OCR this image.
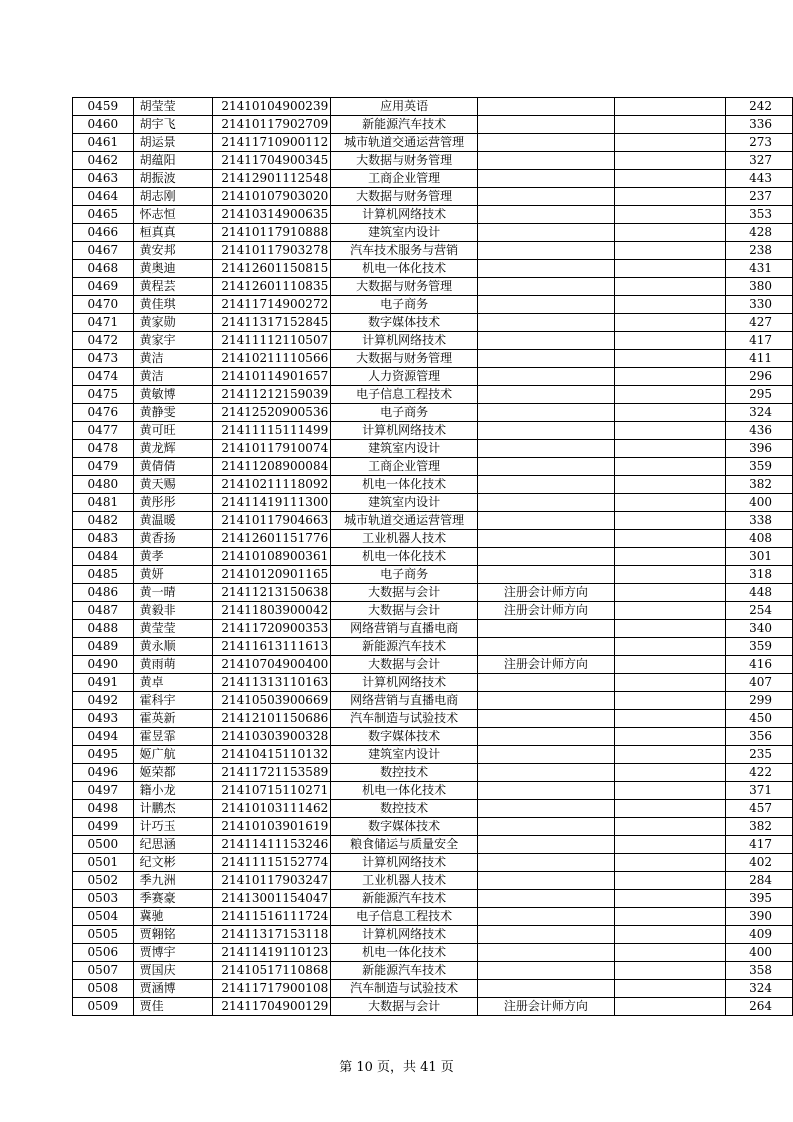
0459	胡莹莹	21410104900239	应用英语			242
0460	胡宇飞	21410117902709	新能源汽车技术			336
0461	胡运景	21411710900112	城市轨道交通运营管理			273
0462	胡蕴阳	21411704900345	大数据与财务管理			327
0463	胡振波	21412901112548	工商企业管理			443
0464	胡志刚	21410107903020	大数据与财务管理			237
0465	怀志恒	21410314900635	计算机网络技术			353
0466	桓真真	21410117910888	建筑室内设计			428
0467	黄安邦	21410117903278	汽车技术服务与营销			238
0468	黄奥迪	21412601150815	机电一体化技术			431
0469	黄程芸	21412601110835	大数据与财务管理			380
0470	黄佳琪	21411714900272	电子商务			330
0471	黄家勋	21411317152845	数字媒体技术			427
0472	黄家宇	21411112110507	计算机网络技术			417
0473	黄洁	21410211110566	大数据与财务管理			411
0474	黄洁	21410114901657	人力资源管理			296
0475	黄敏博	21411212159039	电子信息工程技术			295
0476	黄静雯	21412520900536	电子商务			324
0477	黄可旺	21411115111499	计算机网络技术			436
0478	黄龙辉	21410117910074	建筑室内设计			396
0479	黄倩倩	21411208900084	工商企业管理			359
0480	黄天赐	21410211118092	机电一体化技术			382
0481	黄彤彤	21411419111300	建筑室内设计			400
0482	黄温暖	21410117904663	城市轨道交通运营管理			338
0483	黄香扬	21412601151776	工业机器人技术			408
0484	黄孝	21410108900361	机电一体化技术			301
0485	黄妍	21410120901165	电子商务			318
0486	黄一晴	21411213150638	大数据与会计	注册会计师方向		448
0487	黄毅非	21411803900042	大数据与会计	注册会计师方向		254
0488	黄莹莹	21411720900353	网络营销与直播电商			340
0489	黄永顺	21411613111613	新能源汽车技术			359
0490	黄雨萌	21410704900400	大数据与会计	注册会计师方向		416
0491	黄卓	21411313110163	计算机网络技术			407
0492	霍科宇	21410503900669	网络营销与直播电商			299
0493	霍英新	21412101150686	汽车制造与试验技术			450
0494	霍昱霏	21410303900328	数字媒体技术			356
0495	姬广航	21410415110132	建筑室内设计			235
0496	姬荣都	21411721153589	数控技术			422
0497	籍小龙	21410715110271	机电一体化技术			371
0498	计鹏杰	21410103111462	数控技术			457
0499	计巧玉	21410103901619	数字媒体技术			382
0500	纪思涵	21411411153246	粮食储运与质量安全			417
0501	纪文彬	21411115152774	计算机网络技术			402
0502	季九洲	21410117903247	工业机器人技术			284
0503	季赛豪	21413001154047	新能源汽车技术			395
0504	冀驰	21411516111724	电子信息工程技术			390
0505	贾翱铭	21411317153118	计算机网络技术			409
0506	贾博宇	21411419110123	机电一体化技术			400
0507	贾国庆	21410517110868	新能源汽车技术			358
0508	贾涵博	21411717900108	汽车制造与试验技术			324
0509	贾佳	21411704900129	大数据与会计	注册会计师方向		264
第 10 页，共 41 页
